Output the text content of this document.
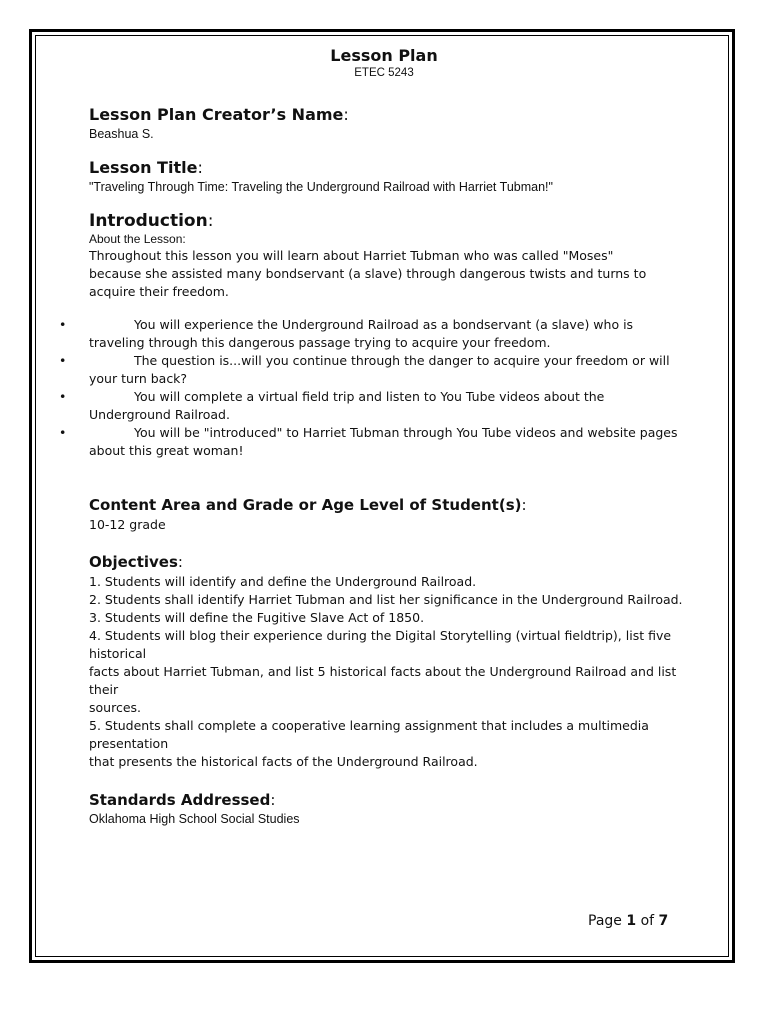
Lesson Plan
ETEC 5243
Lesson Plan Creator’s Name:

Beashua S.

Lesson Title:

"Traveling Through Time: Traveling the Underground Railroad with Harriet Tubman!"

Introduction:

About the Lesson:

Throughout this lesson you will learn about Harriet Tubman who was called "Moses" because she assisted many bondservant (a slave) through dangerous twists and turns to acquire their freedom.

•	You will experience the Underground Railroad as a bondservant (a slave) who is traveling through this dangerous passage trying to acquire your freedom.
•	The question is...will you continue through the danger to acquire your freedom or will your turn back?
•	You will complete a virtual field trip and listen to You Tube videos about the Underground Railroad.
•	You will be "introduced" to Harriet Tubman through You Tube videos and website pages about this great woman!
Content Area and Grade or Age Level of Student(s):

10-12 grade

Objectives:

1. Students will identify and define the Underground Railroad.

2. Students shall identify Harriet Tubman and list her significance in the Underground Railroad.

3. Students will define the Fugitive Slave Act of 1850.

4. Students will blog their experience during the Digital Storytelling (virtual fieldtrip), list five historical

facts about Harriet Tubman, and list 5 historical facts about the Underground Railroad and list their

sources.

5. Students shall complete a cooperative learning assignment that includes a multimedia presentation

that presents the historical facts of the Underground Railroad.

Standards Addressed:

Oklahoma High School Social Studies

Page 1 of 7
